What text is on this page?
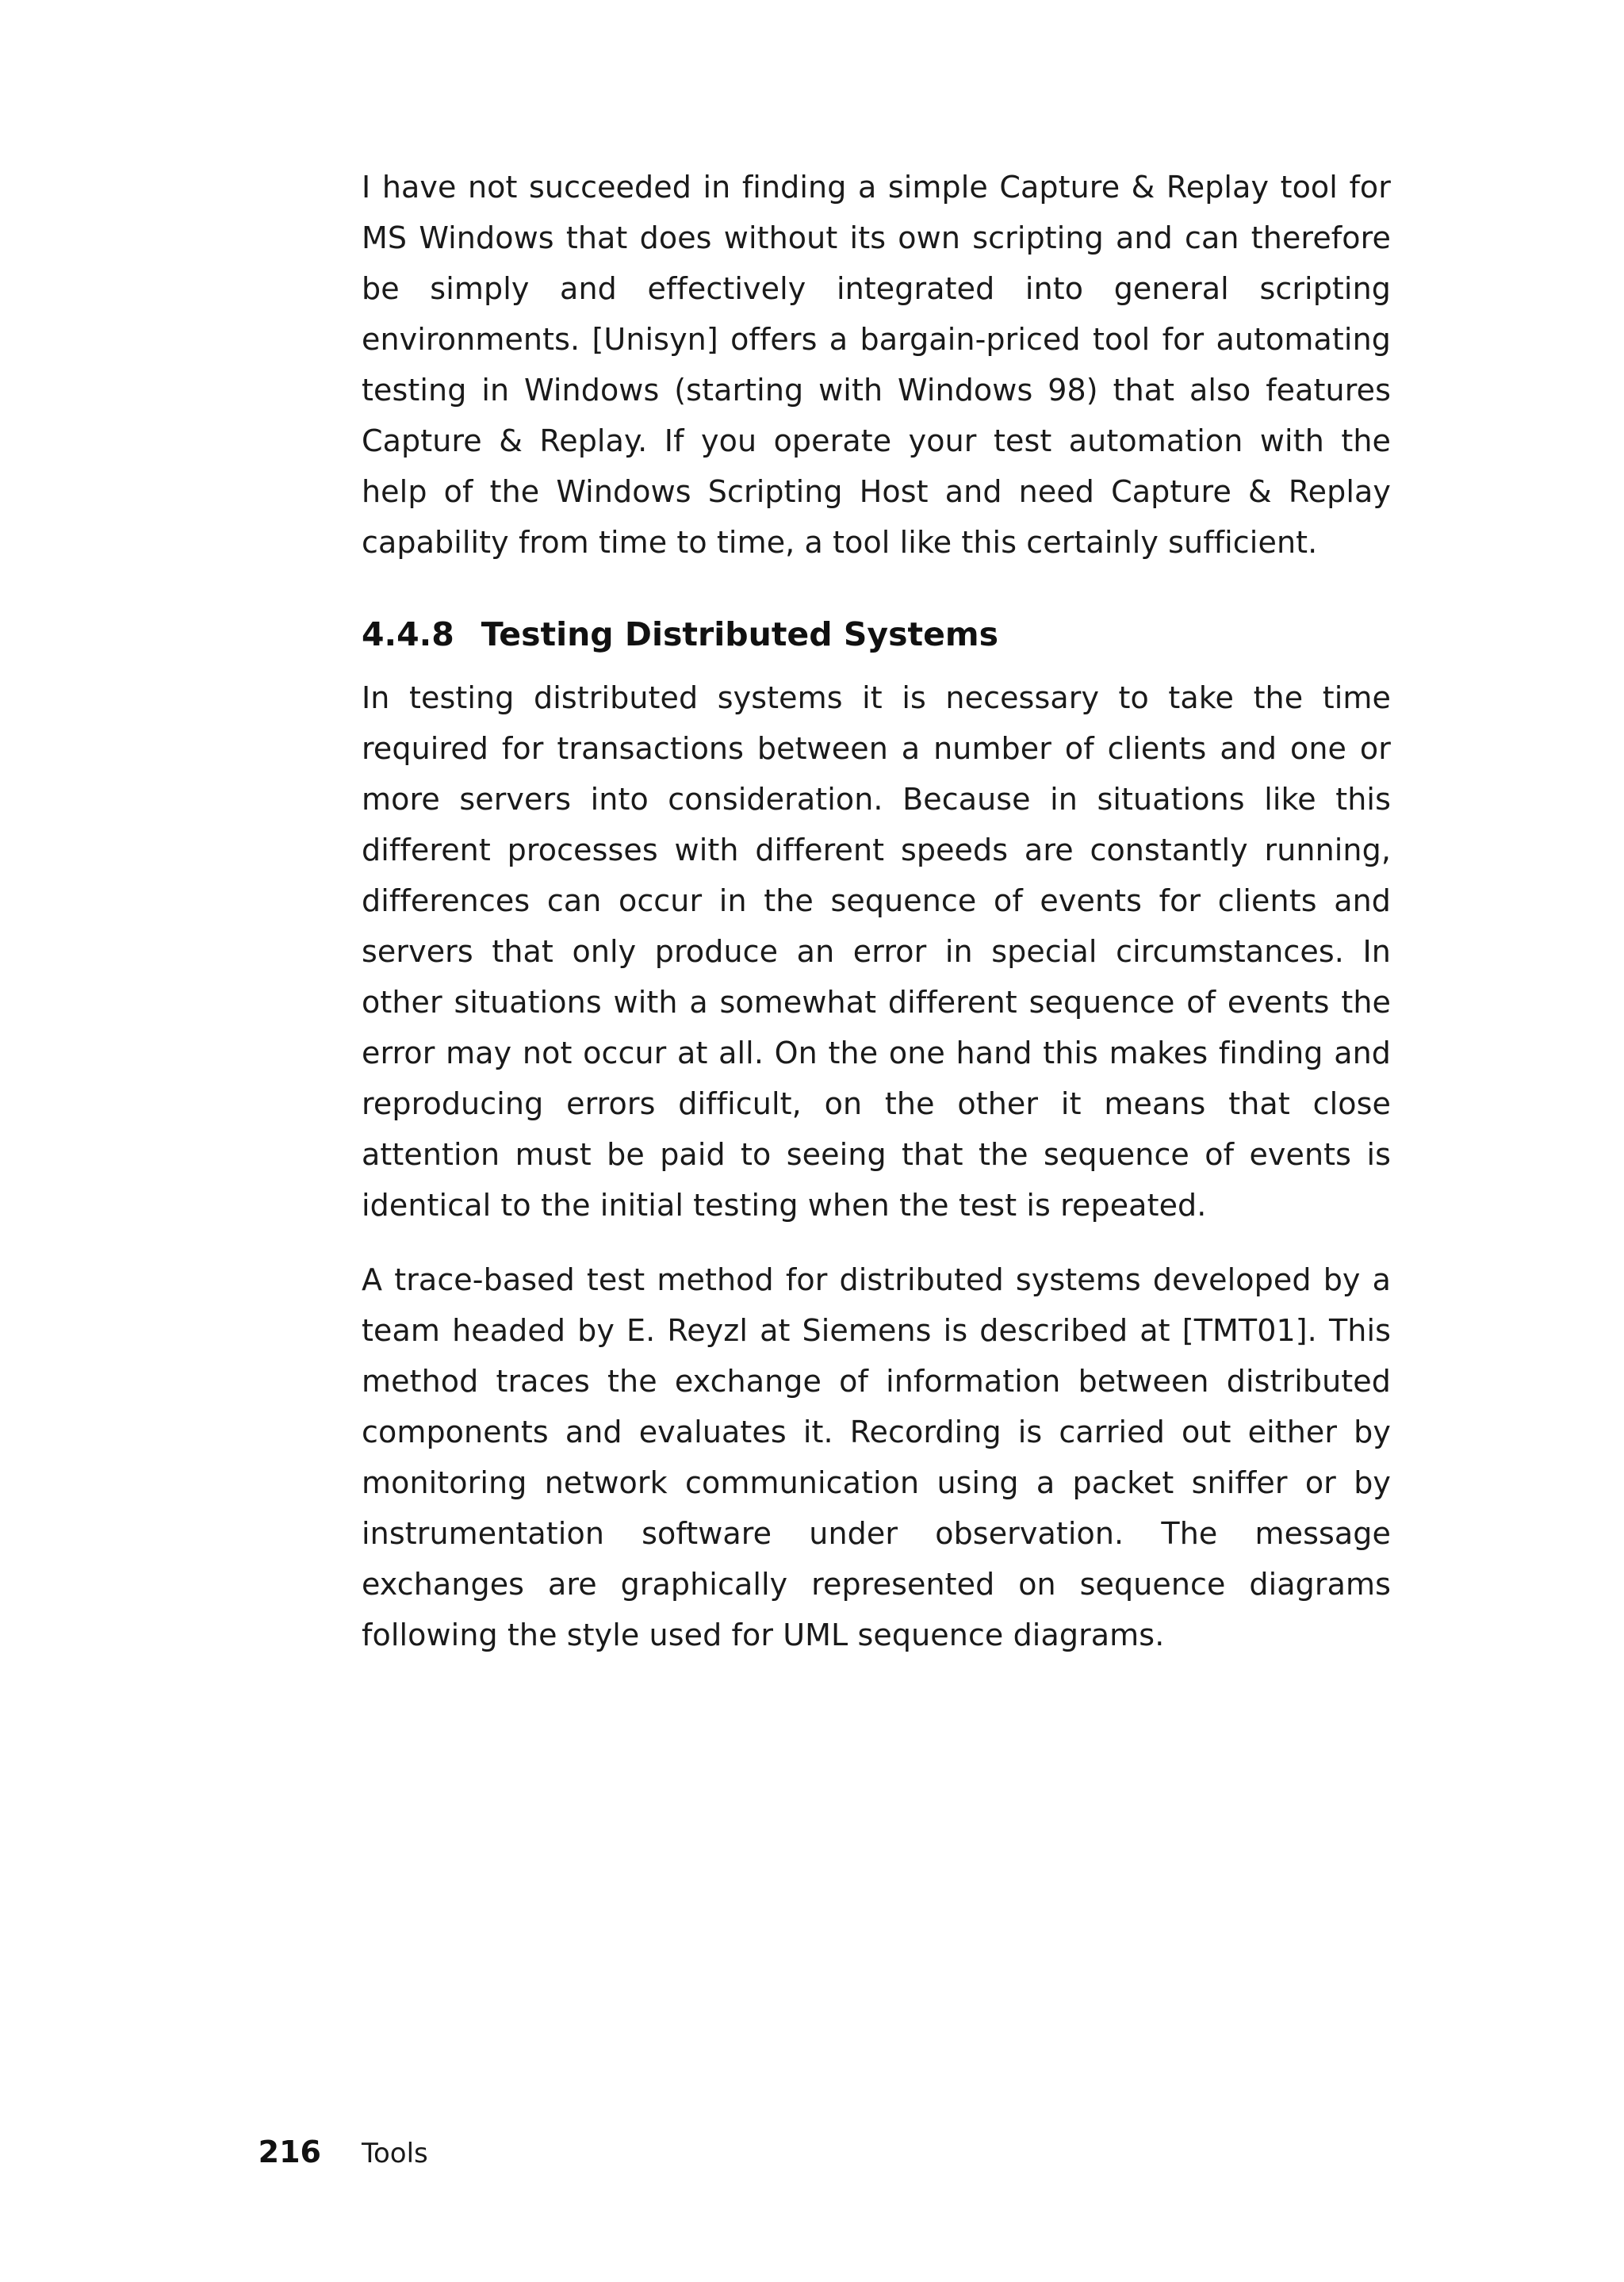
I have not succeeded in finding a simple Capture & Replay tool for MS Windows that does without its own scripting and can therefore be simply and effectively integrated into general scripting environments. [Unisyn] offers a bargain-priced tool for automating testing in Windows (starting with Windows 98) that also features Capture & Replay. If you operate your test automation with the help of the Windows Scripting Host and need Capture & Replay capability from time to time, a tool like this certainly sufficient.

4.4.8 Testing Distributed Systems

In testing distributed systems it is necessary to take the time required for transactions between a number of clients and one or more servers into consideration. Because in situations like this different processes with different speeds are constantly running, differences can occur in the sequence of events for clients and servers that only produce an error in special circumstances. In other situations with a somewhat different sequence of events the error may not occur at all. On the one hand this makes finding and reproducing errors difficult, on the other it means that close attention must be paid to seeing that the sequence of events is identical to the initial testing when the test is repeated.

A trace-based test method for distributed systems developed by a team headed by E. Reyzl at Siemens is described at [TMT01]. This method traces the exchange of information between distributed components and evaluates it. Recording is carried out either by monitoring network communication using a packet sniffer or by instrumentation software under observation. The message exchanges are graphically represented on sequence diagrams following the style used for UML sequence diagrams.

216 Tools
